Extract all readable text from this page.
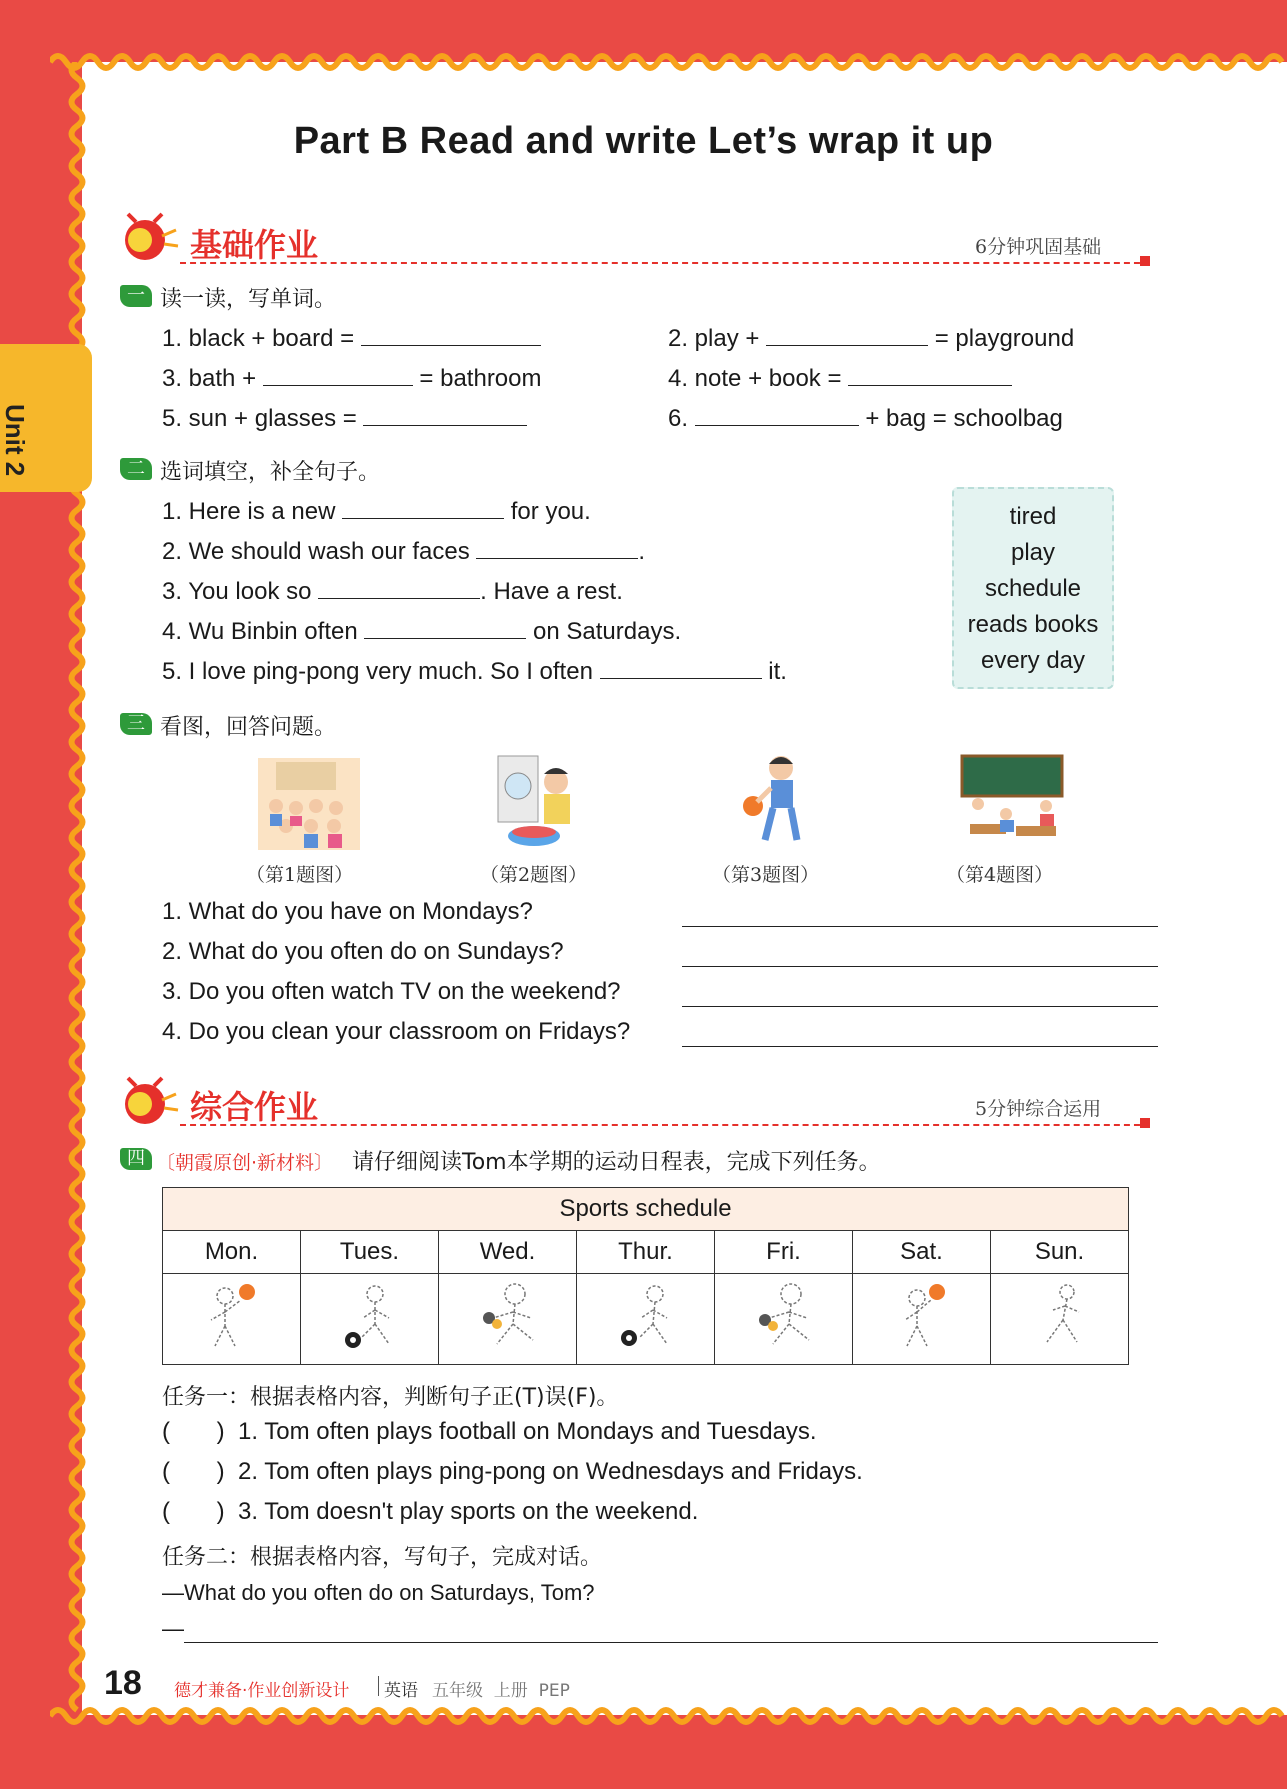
Unit 2
Part B Read and write Let’s wrap it up
基础作业	6分钟巩固基础
一 读一读，写单词。
1. black + board =	2. play +	= playground
3. bath +	= bathroom	4. note + book =
5. sun + glasses =	6.	+ bag = schoolbag
二 选词填空，补全句子。
1. Here is a new	for you.
2. We should wash our faces	.
3. You look so	. Have a rest.
4. Wu Binbin often	on Saturdays.
5. I love ping-pong very much. So I often	it.
tired
play
schedule
reads books
every day
三 看图，回答问题。
（第1题图）	（第2题图）	（第3题图）	（第4题图）
1. What do you have on Mondays?
2. What do you often do on Sundays?
3. Do you often watch TV on the weekend?
4. Do you clean your classroom on Fridays?
综合作业	5分钟综合运用
四 〔朝霞原创·新材料〕 请仔细阅读Tom本学期的运动日程表，完成下列任务。
Sports schedule						
Mon.	Tues.	Wed.	Thur.	Fri.	Sat.	Sun.

任务一：根据表格内容，判断句子正(T)误(F)。
(       ) 1. Tom often plays football on Mondays and Tuesdays.
(       ) 2. Tom often plays ping-pong on Wednesdays and Fridays.
(       ) 3. Tom doesn't play sports on the weekend.
任务二：根据表格内容，写句子，完成对话。
—What do you often do on Saturdays, Tom?
—
18 德才兼备·作业创新设计 英语 五年级  上册  PEP
